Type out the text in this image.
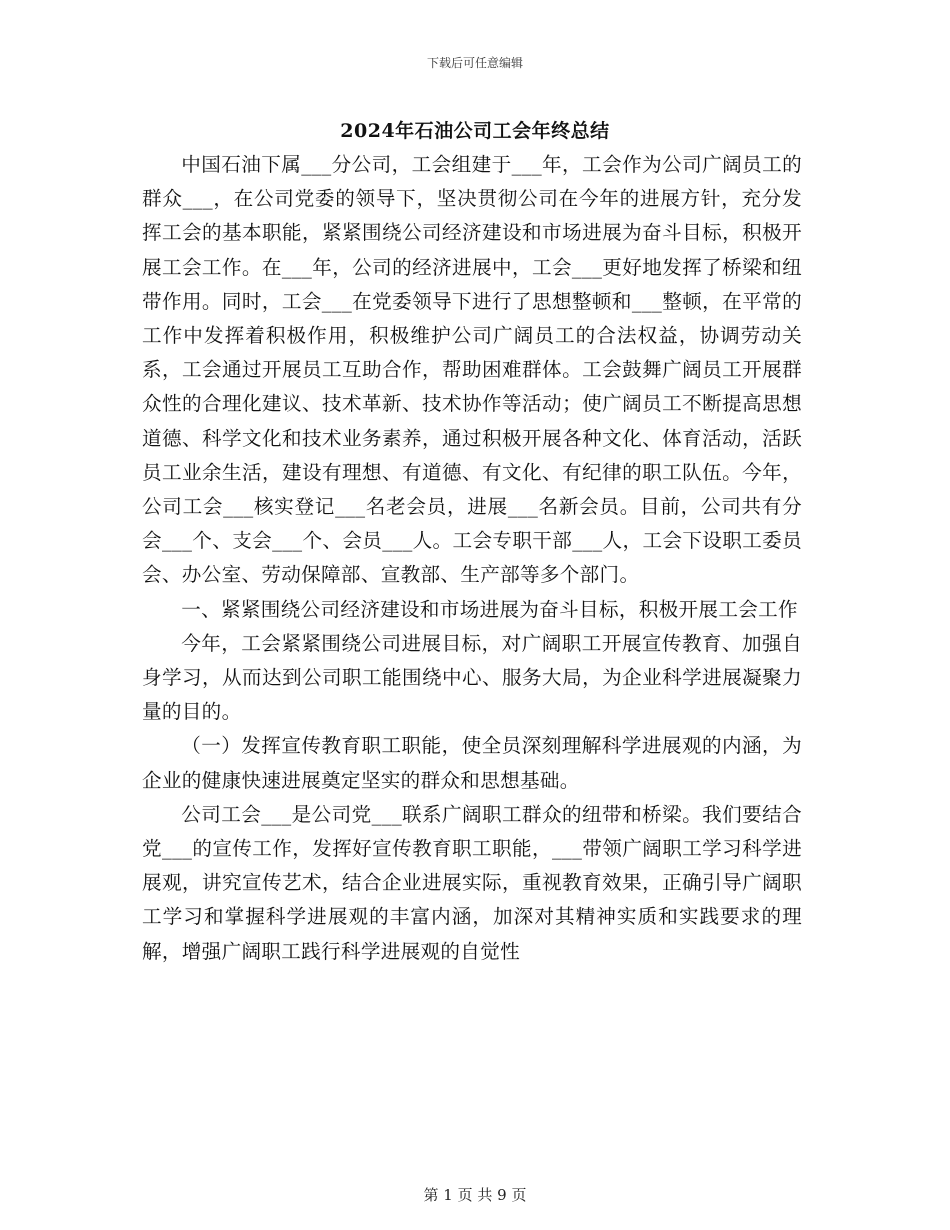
下载后可任意编辑
2024年石油公司工会年终总结

中国石油下属___分公司，工会组建于___年，工会作为公司广阔员工的群众___，在公司党委的领导下，坚决贯彻公司在今年的进展方针，充分发挥工会的基本职能，紧紧围绕公司经济建设和市场进展为奋斗目标，积极开展工会工作。在___年，公司的经济进展中，工会___更好地发挥了桥梁和纽带作用。同时，工会___在党委领导下进行了思想整顿和___整顿，在平常的工作中发挥着积极作用，积极维护公司广阔员工的合法权益，协调劳动关系，工会通过开展员工互助合作，帮助困难群体。工会鼓舞广阔员工开展群众性的合理化建议、技术革新、技术协作等活动；使广阔员工不断提高思想道德、科学文化和技术业务素养，通过积极开展各种文化、体育活动，活跃员工业余生活，建设有理想、有道德、有文化、有纪律的职工队伍。今年，公司工会___核实登记___名老会员，进展___名新会员。目前，公司共有分会___个、支会___个、会员___人。工会专职干部___人，工会下设职工委员会、办公室、劳动保障部、宣教部、生产部等多个部门。

一、紧紧围绕公司经济建设和市场进展为奋斗目标，积极开展工会工作

今年，工会紧紧围绕公司进展目标，对广阔职工开展宣传教育、加强自身学习，从而达到公司职工能围绕中心、服务大局，为企业科学进展凝聚力量的目的。

（一）发挥宣传教育职工职能，使全员深刻理解科学进展观的内涵，为企业的健康快速进展奠定坚实的群众和思想基础。

公司工会___是公司党___联系广阔职工群众的纽带和桥梁。我们要结合党___的宣传工作，发挥好宣传教育职工职能，___带领广阔职工学习科学进展观，讲究宣传艺术，结合企业进展实际，重视教育效果，正确引导广阔职工学习和掌握科学进展观的丰富内涵，加深对其精神实质和实践要求的理解，增强广阔职工践行科学进展观的自觉性

第 1 页 共 9 页
